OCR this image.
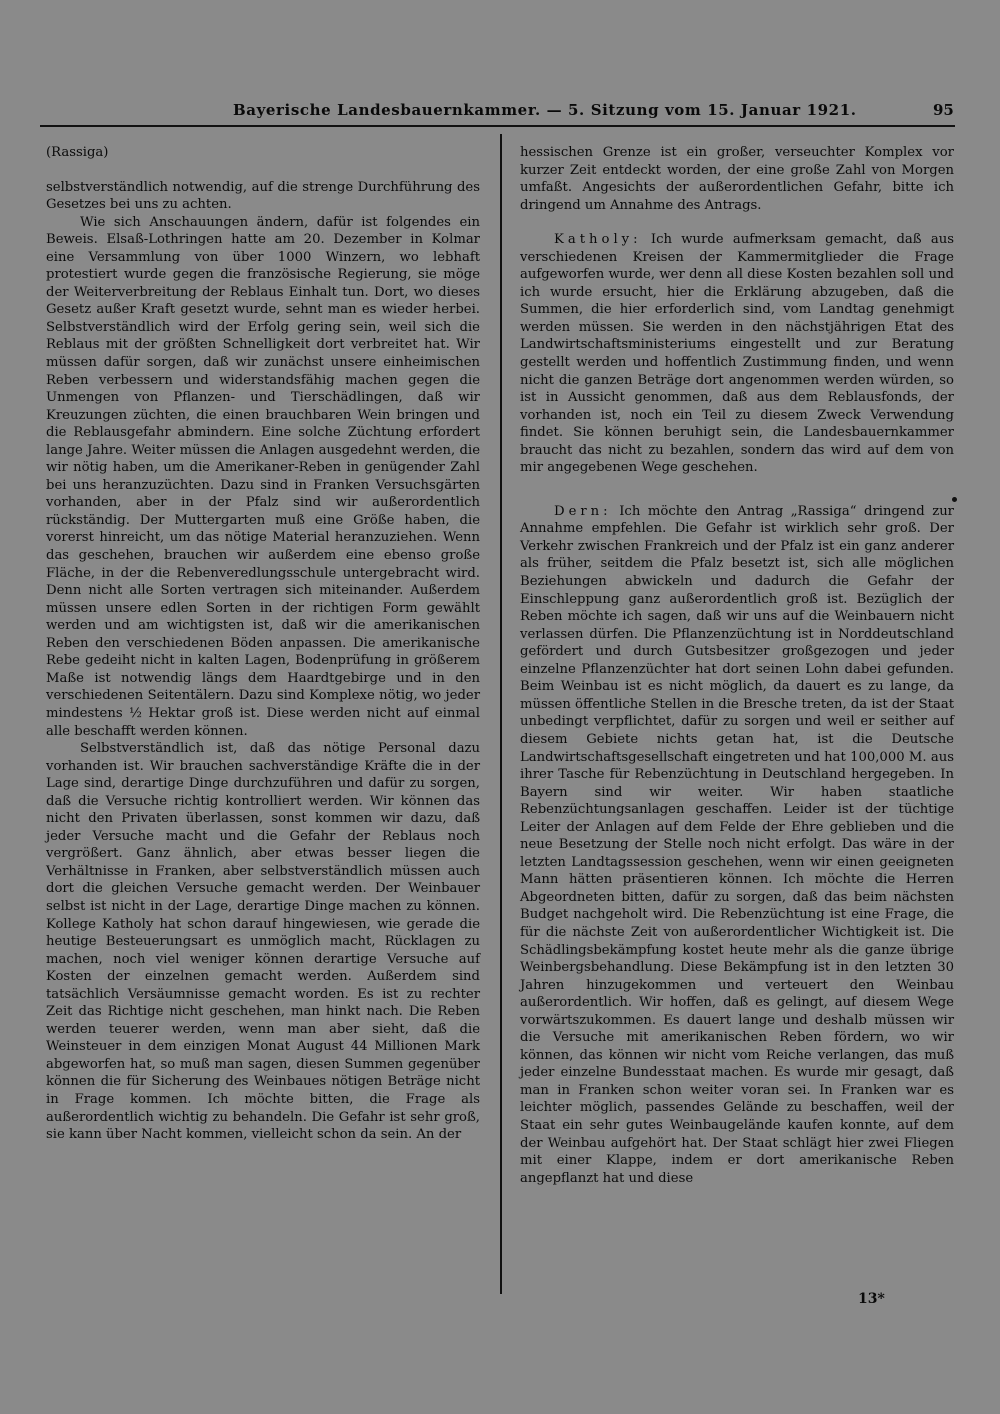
Bayerische Landesbauernkammer. — 5. Sitzung vom 15. Januar 1921.	95

(Rassiga)

selbstverständlich notwendig, auf die strenge Durchführung des Gesetzes bei uns zu achten.

Wie sich Anschauungen ändern, dafür ist folgendes ein Beweis. Elsaß-Lothringen hatte am 20. Dezember in Kolmar eine Versammlung von über 1000 Winzern, wo lebhaft protestiert wurde gegen die französische Regierung, sie möge der Weiterverbreitung der Reblaus Einhalt tun. Dort, wo dieses Gesetz außer Kraft gesetzt wurde, sehnt man es wieder herbei. Selbstverständlich wird der Erfolg gering sein, weil sich die Reblaus mit der größten Schnelligkeit dort verbreitet hat. Wir müssen dafür sorgen, daß wir zunächst unsere einheimischen Reben verbessern und widerstandsfähig machen gegen die Unmengen von Pflanzen- und Tierschädlingen, daß wir Kreuzungen züchten, die einen brauchbaren Wein bringen und die Reblausgefahr abmindern. Eine solche Züchtung erfordert lange Jahre. Weiter müssen die Anlagen ausgedehnt werden, die wir nötig haben, um die Amerikaner-Reben in genügender Zahl bei uns heranzuzüchten. Dazu sind in Franken Versuchsgärten vorhanden, aber in der Pfalz sind wir außerordentlich rückständig. Der Muttergarten muß eine Größe haben, die vorerst hinreicht, um das nötige Material heranzuziehen. Wenn das geschehen, brauchen wir außerdem eine ebenso große Fläche, in der die Rebenveredlungsschule untergebracht wird. Denn nicht alle Sorten vertragen sich miteinander. Außerdem müssen unsere edlen Sorten in der richtigen Form gewählt werden und am wichtigsten ist, daß wir die amerikanischen Reben den verschiedenen Böden anpassen. Die amerikanische Rebe gedeiht nicht in kalten Lagen, Bodenprüfung in größerem Maße ist notwendig längs dem Haardtgebirge und in den verschiedenen Seitentälern. Dazu sind Komplexe nötig, wo jeder mindestens ½ Hektar groß ist. Diese werden nicht auf einmal alle beschafft werden können.

Selbstverständlich ist, daß das nötige Personal dazu vorhanden ist. Wir brauchen sachverständige Kräfte die in der Lage sind, derartige Dinge durchzuführen und dafür zu sorgen, daß die Versuche richtig kontrolliert werden. Wir können das nicht den Privaten überlassen, sonst kommen wir dazu, daß jeder Versuche macht und die Gefahr der Reblaus noch vergrößert. Ganz ähnlich, aber etwas besser liegen die Verhältnisse in Franken, aber selbstverständlich müssen auch dort die gleichen Versuche gemacht werden. Der Weinbauer selbst ist nicht in der Lage, derartige Dinge machen zu können. Kollege Katholy hat schon darauf hingewiesen, wie gerade die heutige Besteuerungsart es unmöglich macht, Rücklagen zu machen, noch viel weniger können derartige Versuche auf Kosten der einzelnen gemacht werden. Außerdem sind tatsächlich Versäumnisse gemacht worden. Es ist zu rechter Zeit das Richtige nicht geschehen, man hinkt nach. Die Reben werden teuerer werden, wenn man aber sieht, daß die Weinsteuer in dem einzigen Monat August 44 Millionen Mark abgeworfen hat, so muß man sagen, diesen Summen gegenüber können die für Sicherung des Weinbaues nötigen Beträge nicht in Frage kommen. Ich möchte bitten, die Frage als außerordentlich wichtig zu behandeln. Die Gefahr ist sehr groß, sie kann über Nacht kommen, vielleicht schon da sein. An der

hessischen Grenze ist ein großer, verseuchter Komplex vor kurzer Zeit entdeckt worden, der eine große Zahl von Morgen umfaßt. Angesichts der außerordentlichen Gefahr, bitte ich dringend um Annahme des Antrags.

Katholy: Ich wurde aufmerksam gemacht, daß aus verschiedenen Kreisen der Kammermitglieder die Frage aufgeworfen wurde, wer denn all diese Kosten bezahlen soll und ich wurde ersucht, hier die Erklärung abzugeben, daß die Summen, die hier erforderlich sind, vom Landtag genehmigt werden müssen. Sie werden in den nächstjährigen Etat des Landwirtschaftsministeriums eingestellt und zur Beratung gestellt werden und hoffentlich Zustimmung finden, und wenn nicht die ganzen Beträge dort angenommen werden würden, so ist in Aussicht genommen, daß aus dem Reblausfonds, der vorhanden ist, noch ein Teil zu diesem Zweck Verwendung findet. Sie können beruhigt sein, die Landesbauernkammer braucht das nicht zu bezahlen, sondern das wird auf dem von mir angegebenen Wege geschehen.

Dern: Ich möchte den Antrag „Rassiga“ dringend zur Annahme empfehlen. Die Gefahr ist wirklich sehr groß. Der Verkehr zwischen Frankreich und der Pfalz ist ein ganz anderer als früher, seitdem die Pfalz besetzt ist, sich alle möglichen Beziehungen abwickeln und dadurch die Gefahr der Einschleppung ganz außerordentlich groß ist. Bezüglich der Reben möchte ich sagen, daß wir uns auf die Weinbauern nicht verlassen dürfen. Die Pflanzenzüchtung ist in Norddeutschland gefördert und durch Gutsbesitzer großgezogen und jeder einzelne Pflanzenzüchter hat dort seinen Lohn dabei gefunden. Beim Weinbau ist es nicht möglich, da dauert es zu lange, da müssen öffentliche Stellen in die Bresche treten, da ist der Staat unbedingt verpflichtet, dafür zu sorgen und weil er seither auf diesem Gebiete nichts getan hat, ist die Deutsche Landwirtschaftsgesellschaft eingetreten und hat 100,000 M. aus ihrer Tasche für Rebenzüchtung in Deutschland hergegeben. In Bayern sind wir weiter. Wir haben staatliche Rebenzüchtungsanlagen geschaffen. Leider ist der tüchtige Leiter der Anlagen auf dem Felde der Ehre geblieben und die neue Besetzung der Stelle noch nicht erfolgt. Das wäre in der letzten Landtagssession geschehen, wenn wir einen geeigneten Mann hätten präsentieren können. Ich möchte die Herren Abgeordneten bitten, dafür zu sorgen, daß das beim nächsten Budget nachgeholt wird. Die Rebenzüchtung ist eine Frage, die für die nächste Zeit von außerordentlicher Wichtigkeit ist. Die Schädlingsbekämpfung kostet heute mehr als die ganze übrige Weinbergsbehandlung. Diese Bekämpfung ist in den letzten 30 Jahren hinzugekommen und verteuert den Weinbau außerordentlich. Wir hoffen, daß es gelingt, auf diesem Wege vorwärtszukommen. Es dauert lange und deshalb müssen wir die Versuche mit amerikanischen Reben fördern, wo wir können, das können wir nicht vom Reiche verlangen, das muß jeder einzelne Bundesstaat machen. Es wurde mir gesagt, daß man in Franken schon weiter voran sei. In Franken war es leichter möglich, passendes Gelände zu beschaffen, weil der Staat ein sehr gutes Weinbaugelände kaufen konnte, auf dem der Weinbau aufgehört hat. Der Staat schlägt hier zwei Fliegen mit einer Klappe, indem er dort amerikanische Reben angepflanzt hat und diese

13*
